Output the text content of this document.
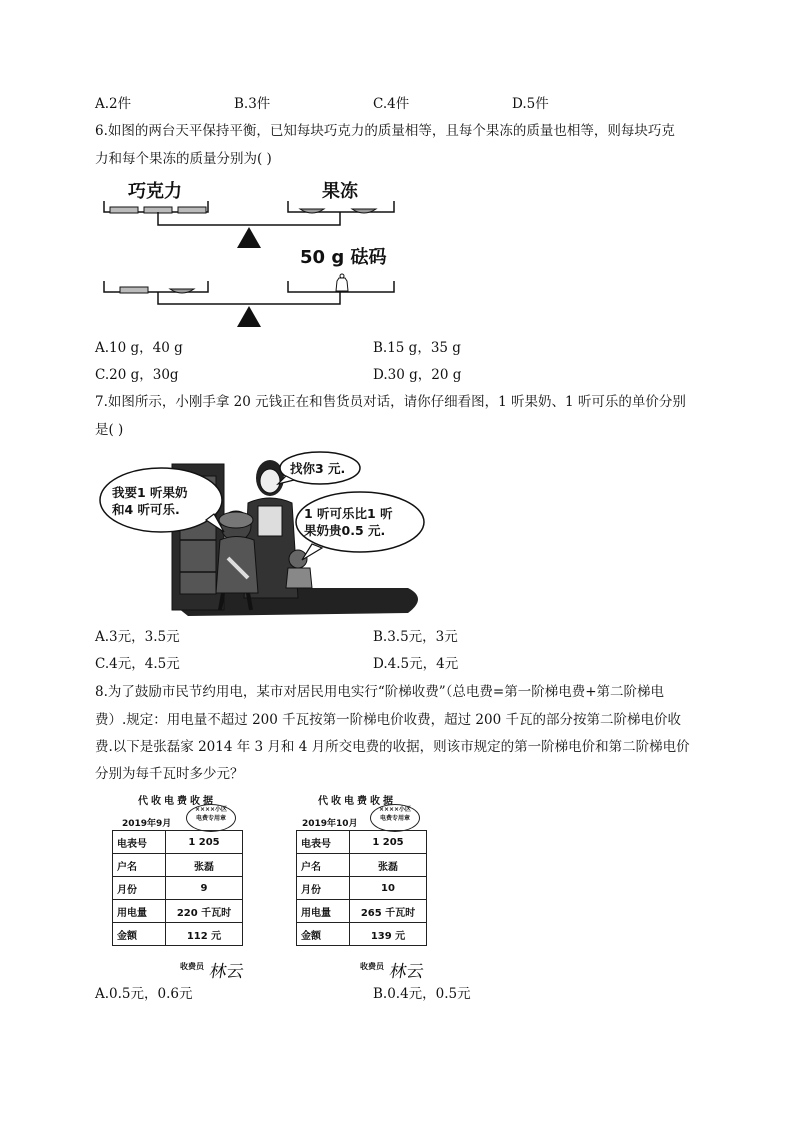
A.2件	B.3件	C.4件	D.5件
6.如图的两台天平保持平衡，已知每块巧克力的质量相等，且每个果冻的质量也相等，则每块巧克
力和每个果冻的质量分别为( )
巧克力	果冻
50 g 砝码
A.10 g，40 g	B.15 g，35 g
C.20 g，30g	D.30 g，20 g
7.如图所示，小刚手拿 20 元钱正在和售货员对话，请你仔细看图，1 听果奶、1 听可乐的单价分别
是( )
我要1 听果奶
和4 听可乐.
找你3 元.
1 听可乐比1 听
果奶贵0.5 元.
A.3元，3.5元	B.3.5元，3元
C.4元，4.5元	D.4.5元，4元
8.为了鼓励市民节约用电，某市对居民用电实行“阶梯收费”（总电费=第一阶梯电费+第二阶梯电
费）.规定：用电量不超过 200 千瓦按第一阶梯电价收费，超过 200 千瓦的部分按第二阶梯电价收
费.以下是张磊家 2014 年 3 月和 4 月所交电费的收据，则该市规定的第一阶梯电价和第二阶梯电价
分别为每千瓦时多少元？
代收电费收据
2019年9月
××××小区
电费专用章
电表号	1 205
户名	张磊
月份	9
用电量	220 千瓦时
金额	112 元
收费员 林云
代收电费收据
2019年10月
××××小区
电费专用章
电表号	1 205
户名	张磊
月份	10
用电量	265 千瓦时
金额	139 元
收费员 林云
A.0.5元，0.6元	B.0.4元，0.5元
